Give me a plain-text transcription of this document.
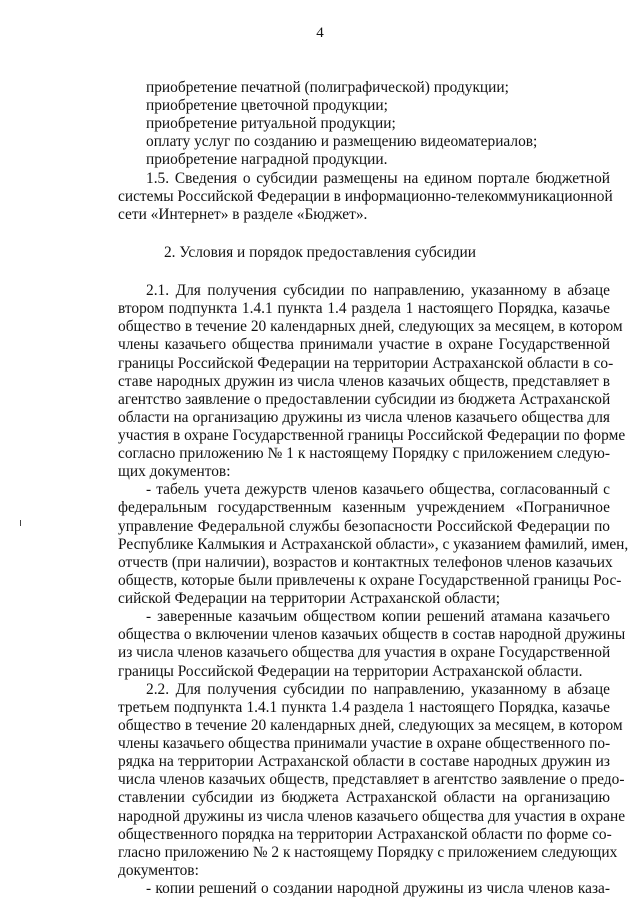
4
приобретение печатной (полиграфической) продукции;
приобретение цветочной продукции;
приобретение ритуальной продукции;
оплату услуг по созданию и размещению видеоматериалов;
приобретение наградной продукции.
1.5. Сведения о субсидии размещены на едином портале бюджетной
системы Российской Федерации в информационно-телекоммуникационной
сети «Интернет» в разделе «Бюджет».
2. Условия и порядок предоставления субсидии
2.1. Для получения субсидии по направлению, указанному в абзаце
втором подпункта 1.4.1 пункта 1.4 раздела 1 настоящего Порядка, казачье
общество в течение 20 календарных дней, следующих за месяцем, в котором
члены казачьего общества принимали участие в охране Государственной
границы Российской Федерации на территории Астраханской области в со-
ставе народных дружин из числа членов казачьих обществ, представляет в
агентство заявление о предоставлении субсидии из бюджета Астраханской
области на организацию дружины из числа членов казачьего общества для
участия в охране Государственной границы Российской Федерации по форме
согласно приложению № 1 к настоящему Порядку с приложением следую-
щих документов:
- табель учета дежурств членов казачьего общества, согласованный с
федеральным государственным казенным учреждением «Пограничное
управление Федеральной службы безопасности Российской Федерации по
Республике Калмыкия и Астраханской области», с указанием фамилий, имен,
отчеств (при наличии), возрастов и контактных телефонов членов казачьих
обществ, которые были привлечены к охране Государственной границы Рос-
сийской Федерации на территории Астраханской области;
- заверенные казачьим обществом копии решений атамана казачьего
общества о включении членов казачьих обществ в состав народной дружины
из числа членов казачьего общества для участия в охране Государственной
границы Российской Федерации на территории Астраханской области.
2.2. Для получения субсидии по направлению, указанному в абзаце
третьем подпункта 1.4.1 пункта 1.4 раздела 1 настоящего Порядка, казачье
общество в течение 20 календарных дней, следующих за месяцем, в котором
члены казачьего общества принимали участие в охране общественного по-
рядка на территории Астраханской области в составе народных дружин из
числа членов казачьих обществ, представляет в агентство заявление о предо-
ставлении субсидии из бюджета Астраханской области на организацию
народной дружины из числа членов казачьего общества для участия в охране
общественного порядка на территории Астраханской области по форме со-
гласно приложению № 2 к настоящему Порядку с приложением следующих
документов:
- копии решений о создании народной дружины из числа членов каза-
